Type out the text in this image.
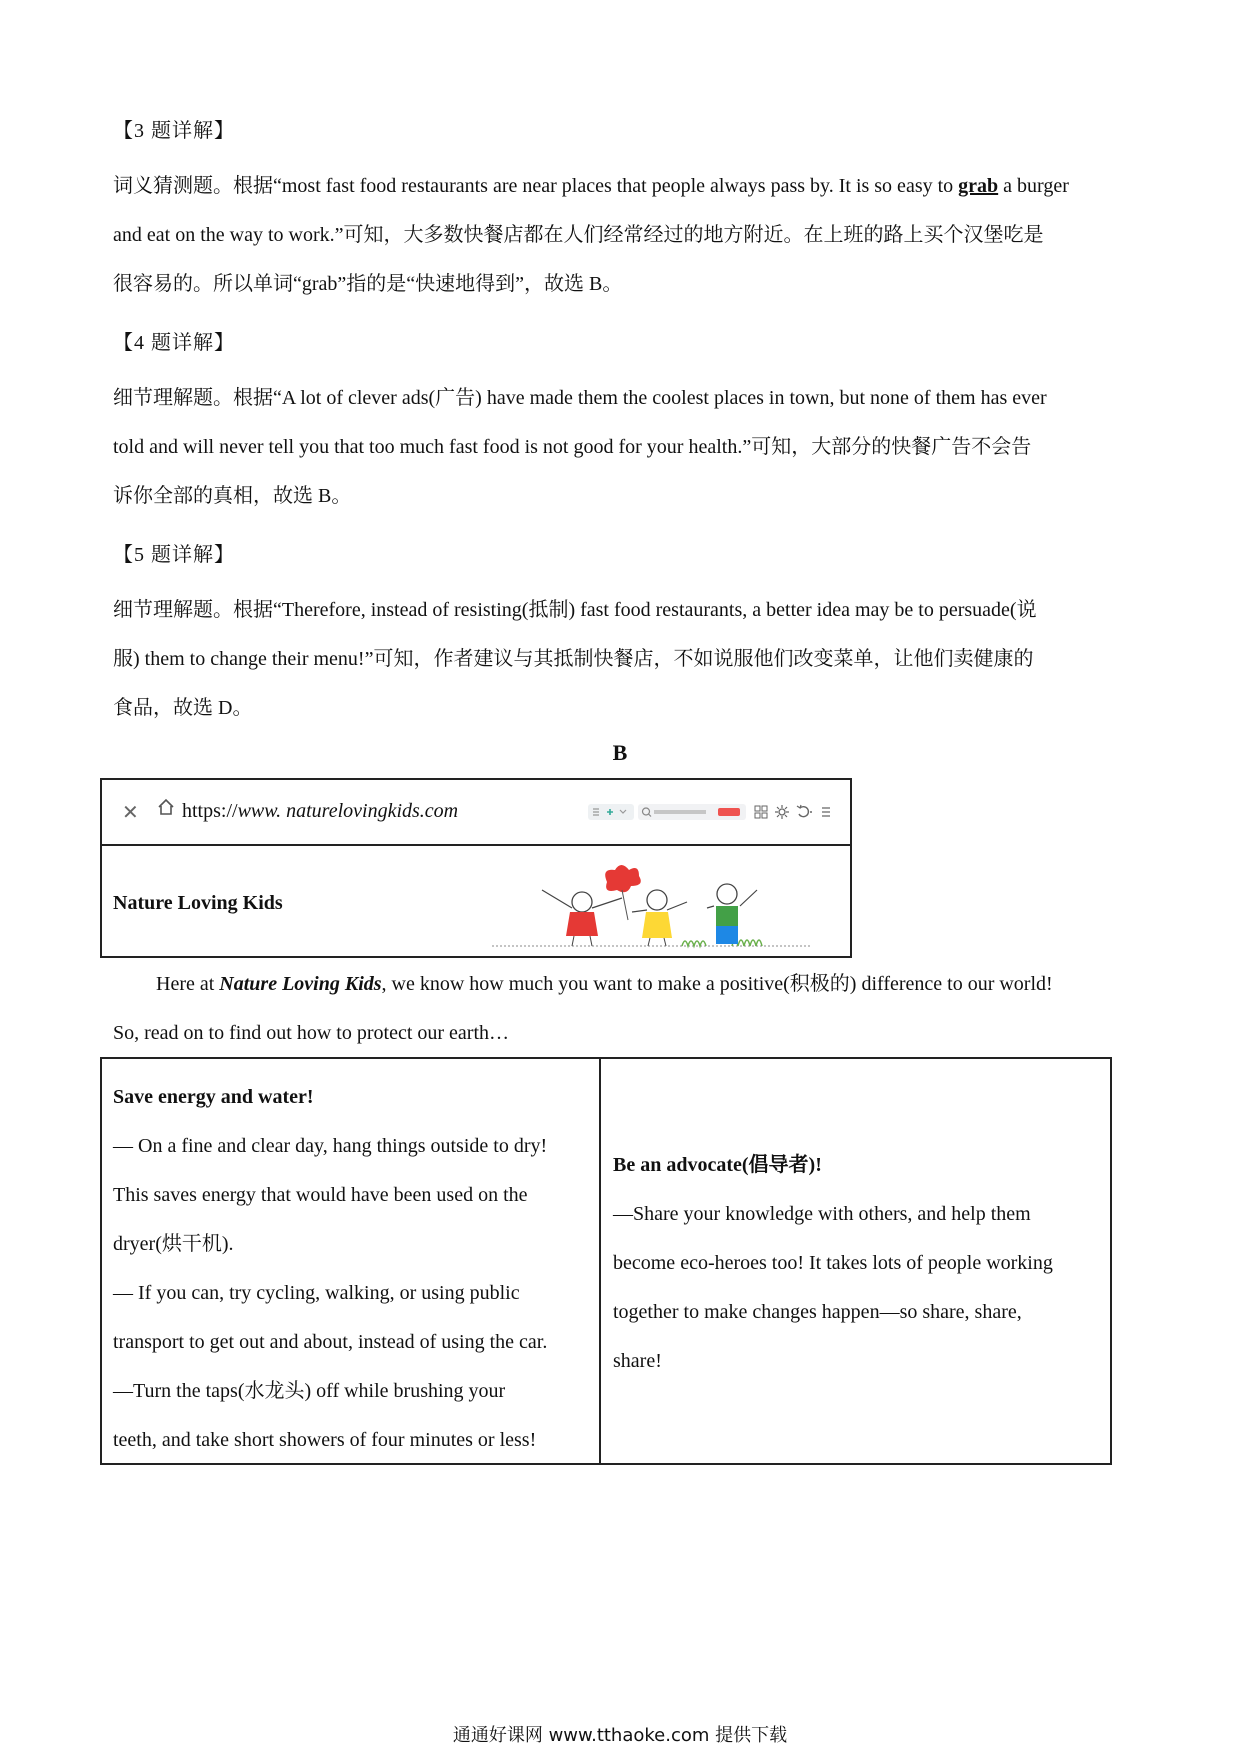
【3 题详解】
词义猜测题。根据“most fast food restaurants are near places that people always pass by. It is so easy to grab a burger
and eat on the way to work.”可知，大多数快餐店都在人们经常经过的地方附近。在上班的路上买个汉堡吃是
很容易的。所以单词“grab”指的是“快速地得到”，故选 B。
【4 题详解】
细节理解题。根据“A lot of clever ads(广告) have made them the coolest places in town, but none of them has ever
told and will never tell you that too much fast food is not good for your health.”可知，大部分的快餐广告不会告
诉你全部的真相，故选 B。
【5 题详解】
细节理解题。根据“Therefore, instead of resisting(抵制) fast food restaurants, a better idea may be to persuade(说
服) them to change their menu!”可知，作者建议与其抵制快餐店，不如说服他们改变菜单，让他们卖健康的
食品，故选 D。
B
✕ https://www. naturelovingkids.com
Nature Loving Kids
Here at Nature Loving Kids, we know how much you want to make a positive(积极的) difference to our world!
So, read on to find out how to protect our earth…
Save energy and water!
— On a fine and clear day, hang things outside to dry!
This saves energy that would have been used on the
dryer(烘干机).
— If you can, try cycling, walking, or using public
transport to get out and about, instead of using the car.
—Turn the taps(水龙头) off while brushing your
teeth, and take short showers of four minutes or less!
Be an advocate(倡导者)!
—Share your knowledge with others, and help them
become eco-heroes too! It takes lots of people working
together to make changes happen—so share, share,
share!
通通好课网 www.tthaoke.com 提供下载
